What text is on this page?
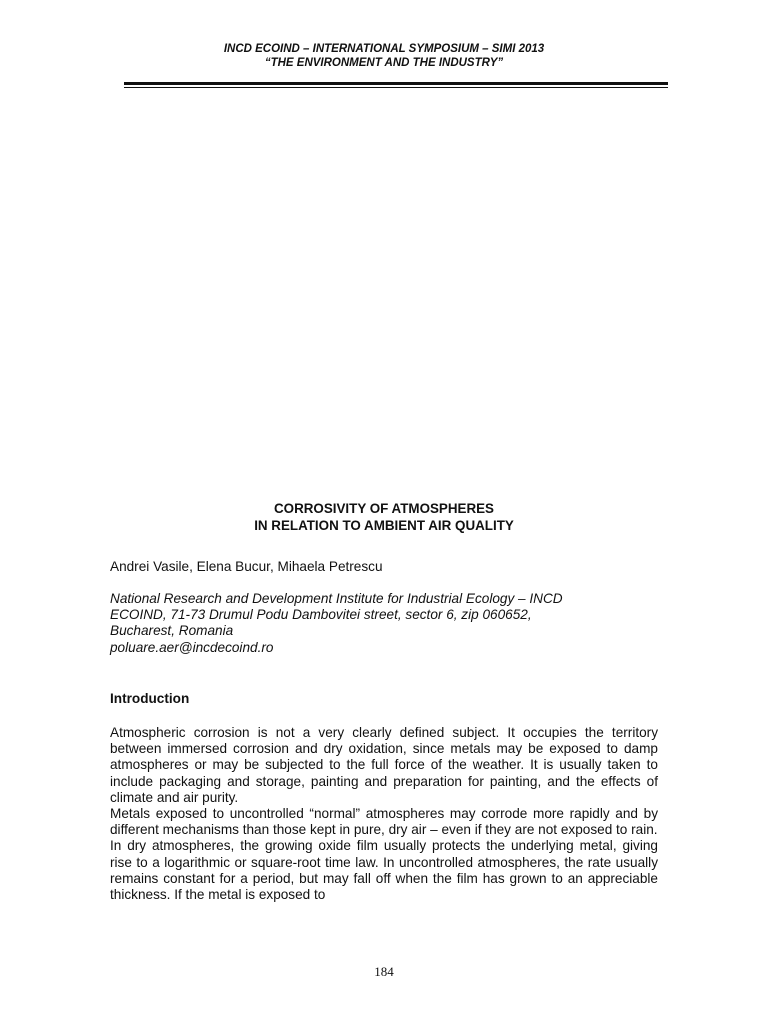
INCD ECOIND – INTERNATIONAL SYMPOSIUM – SIMI 2013
“THE ENVIRONMENT AND THE INDUSTRY”
CORROSIVITY OF ATMOSPHERES
IN RELATION TO AMBIENT AIR QUALITY
Andrei Vasile, Elena Bucur, Mihaela Petrescu
National Research and Development Institute for Industrial Ecology – INCD
ECOIND, 71-73 Drumul Podu Dambovitei street, sector 6, zip 060652,
Bucharest, Romania
poluare.aer@incdecoind.ro
Introduction

Atmospheric corrosion is not a very clearly defined subject. It occupies the territory between immersed corrosion and dry oxidation, since metals may be exposed to damp atmospheres or may be subjected to the full force of the weather. It is usually taken to include packaging and storage, painting and preparation for painting, and the effects of climate and air purity.

Metals exposed to uncontrolled “normal” atmospheres may corrode more rapidly and by different mechanisms than those kept in pure, dry air – even if they are not exposed to rain.

In dry atmospheres, the growing oxide film usually protects the underlying metal, giving rise to a logarithmic or square-root time law. In uncontrolled atmospheres, the rate usually remains constant for a period, but may fall off when the film has grown to an appreciable thickness. If the metal is exposed to

184
